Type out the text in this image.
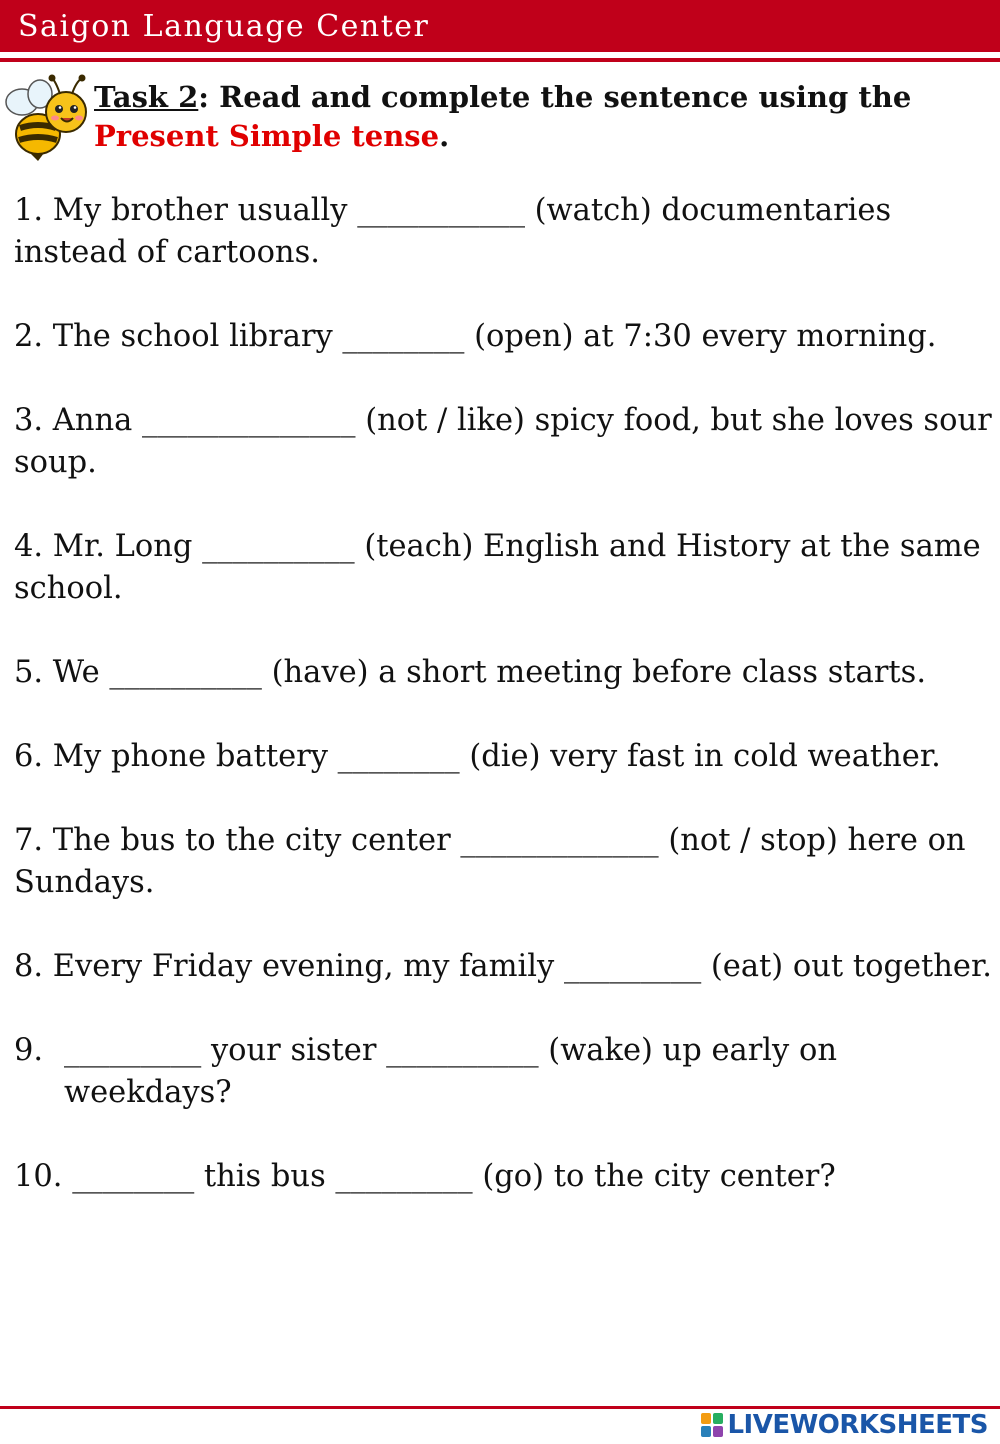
Saigon Language Center
Task 2: Read and complete the sentence using the Present Simple tense.
1. My brother usually ___________ (watch) documentaries instead of cartoons.
2. The school library ________ (open) at 7:30 every morning.
3. Anna ______________ (not / like) spicy food, but she loves sour soup.
4. Mr. Long __________ (teach) English and History at the same school.
5. We __________ (have) a short meeting before class starts.
6. My phone battery ________ (die) very fast in cold weather.
7. The bus to the city center _____________ (not / stop) here on Sundays.
8. Every Friday evening, my family _________ (eat) out together.
9. _________ your sister __________ (wake) up early on weekdays?
10. ________ this bus _________ (go) to the city center?
LIVEWORKSHEETS
